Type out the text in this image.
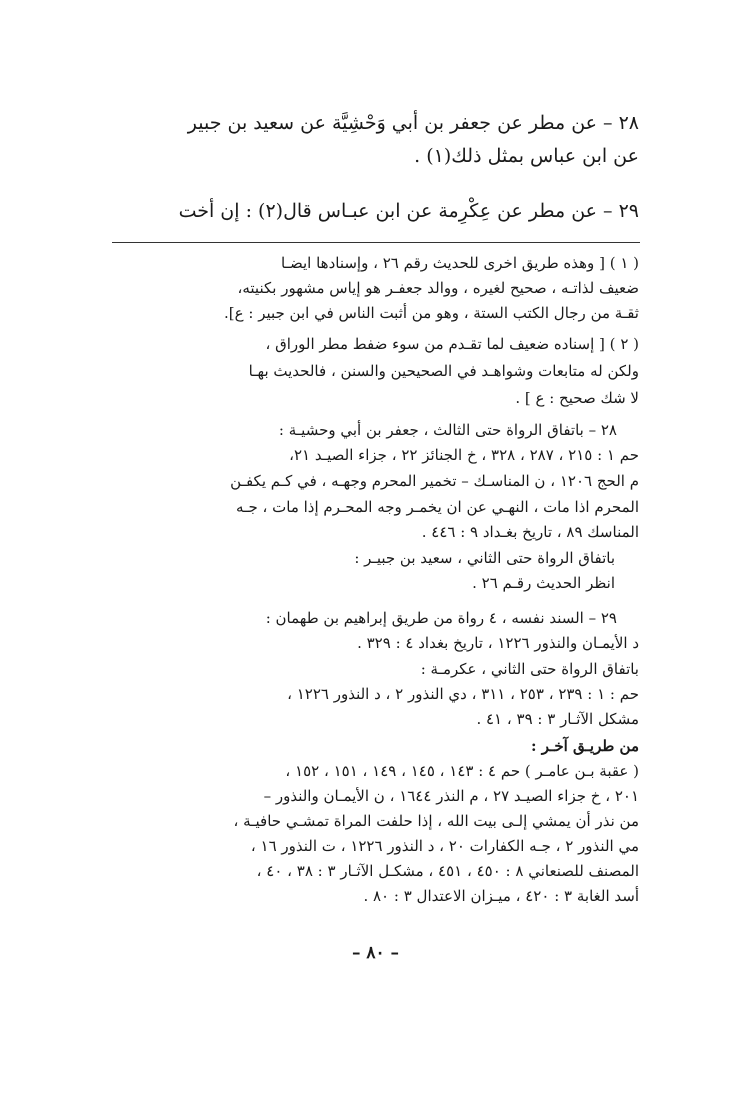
٢٨ – عن مطر عن جعفر بن أبي وَحْشِيَّة عن سعيد بن جبير
عن ابن عباس بمثل ذلك(١) .
٢٩ – عن مطر عن عِكْرِمة عن ابن عبـاس قال(٢) : إن أخت
( ١ ) [ وهذه طريق اخرى للحديث رقم ٢٦ ، وإسنادها ايضـا
ضعيف لذاتـه ، صحيح لغيره ، ووالد جعفـر هو إياس مشهور بكنيته،
ثقـة من رجال الكتب الستة ، وهو من أثبت الناس في ابن جبير : ع].
( ٢ ) [ إسناده ضعيف لما تقـدم من سوء ضفط مطر الوراق ،
ولكن له متابعات وشواهـد في الصحيحين والسنن ، فالحديث بهـا
لا شك صحيح : ع ] .
٢٨ – باتفاق الرواة حتى الثالث ، جعفر بن أبي وحشيـة :
حم ١ : ٢١٥ ، ٢٨٧ ، ٣٢٨ ، خ الجنائز ٢٢ ، جزاء الصيـد ٢١،
م الحج ١٢٠٦ ، ن المناسـك – تخمير المحرم وجهـه ، في كـم يكفـن
المحرم اذا مات ، النهـي عن ان يخمـر وجه المحـرم إذا مات ، جـه
المناسك ٨٩ ، تاريخ بغـداد ٩ : ٤٤٦ .
باتفاق الرواة حتى الثاني ، سعيد بن جبيـر :
انظر الحديث رقـم ٢٦ .
٢٩ – السند نفسه ، ٤ رواة من طريق إبراهيم بن طهمان :
د الأيمـان والنذور ١٢٢٦ ، تاريخ بغداد ٤ : ٣٢٩ .
باتفاق الرواة حتى الثاني ، عكرمـة :
حم : ١ : ٢٣٩ ، ٢٥٣ ، ٣١١ ، دي النذور ٢ ، د النذور ١٢٢٦ ،
مشكل الآثـار ٣ : ٣٩ ، ٤١ .
من طريـق آخـر :
( عقبة بـن عامـر ) حم ٤ : ١٤٣ ، ١٤٥ ، ١٤٩ ، ١٥١ ، ١٥٢ ،
٢٠١ ، خ جزاء الصيـد ٢٧ ، م النذر ١٦٤٤ ، ن الأيمـان والنذور –
من نذر أن يمشي إلـى بيت الله ، إذا حلفت المراة تمشـي حافيـة ،
مي النذور ٢ ، جـه الكفارات ٢٠ ، د النذور ١٢٢٦ ، ت النذور ١٦ ،
المصنف للصنعاني ٨ : ٤٥٠ ، ٤٥١ ، مشكـل الآثـار ٣ : ٣٨ ، ٤٠ ،
أسد الغابة ٣ : ٤٢٠ ، ميـزان الاعتدال ٣ : ٨٠ .
– ٨٠ –
